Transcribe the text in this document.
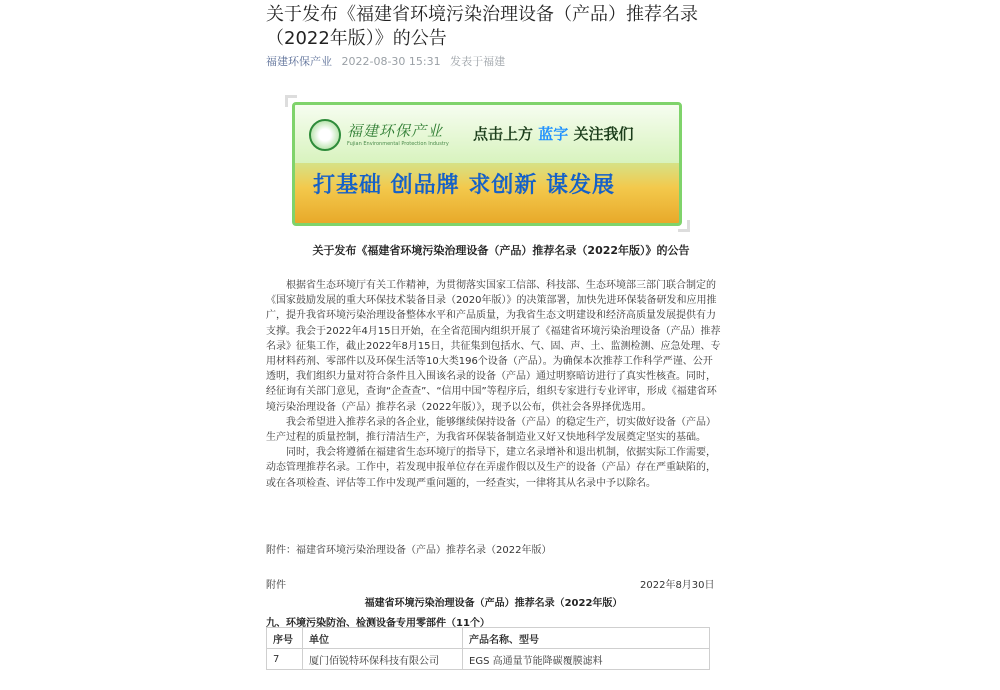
关于发布《福建省环境污染治理设备（产品）推荐名录（2022年版）》的公告
福建环保产业 2022-08-30 15:31 发表于福建
福建环保产业
Fujian Environmental Protection Industry
点击上方 蓝字 关注我们
打基础 创品牌 求创新 谋发展
关于发布《福建省环境污染治理设备（产品）推荐名录（2022年版）》的公告

根据省生态环境厅有关工作精神，为贯彻落实国家工信部、科技部、生态环境部三部门联合制定的《国家鼓励发展的重大环保技术装备目录（2020年版）》的决策部署，加快先进环保装备研发和应用推广，提升我省环境污染治理设备整体水平和产品质量，为我省生态文明建设和经济高质量发展提供有力支撑。我会于2022年4月15日开始，在全省范围内组织开展了《福建省环境污染治理设备（产品）推荐名录》征集工作，截止2022年8月15日，共征集到包括水、气、固、声、土、监测检测、应急处理、专用材料药剂、零部件以及环保生活等10大类196个设备（产品）。为确保本次推荐工作科学严谨、公开透明，我们组织力量对符合条件且入围该名录的设备（产品）通过明察暗访进行了真实性核查。同时，经征询有关部门意见，查询“企查查”、“信用中国”等程序后，组织专家进行专业评审，形成《福建省环境污染治理设备（产品）推荐名录（2022年版）》，现予以公布，供社会各界择优选用。

我会希望进入推荐名录的各企业，能够继续保持设备（产品）的稳定生产，切实做好设备（产品）生产过程的质量控制，推行清洁生产，为我省环保装备制造业又好又快地科学发展奠定坚实的基础。

同时，我会将遵循在福建省生态环境厅的指导下，建立名录增补和退出机制，依据实际工作需要，动态管理推荐名录。工作中，若发现申报单位存在弄虚作假以及生产的设备（产品）存在严重缺陷的，或在各项检查、评估等工作中发现严重问题的，一经查实，一律将其从名录中予以除名。

附件：福建省环境污染治理设备（产品）推荐名录（2022年版）
附件	2022年8月30日
福建省环境污染治理设备（产品）推荐名录（2022年版）
九、环境污染防治、检测设备专用零部件（11个）
序号	单位	产品名称、型号
7	厦门佰锐特环保科技有限公司	EGS 高通量节能降碳覆膜滤料
